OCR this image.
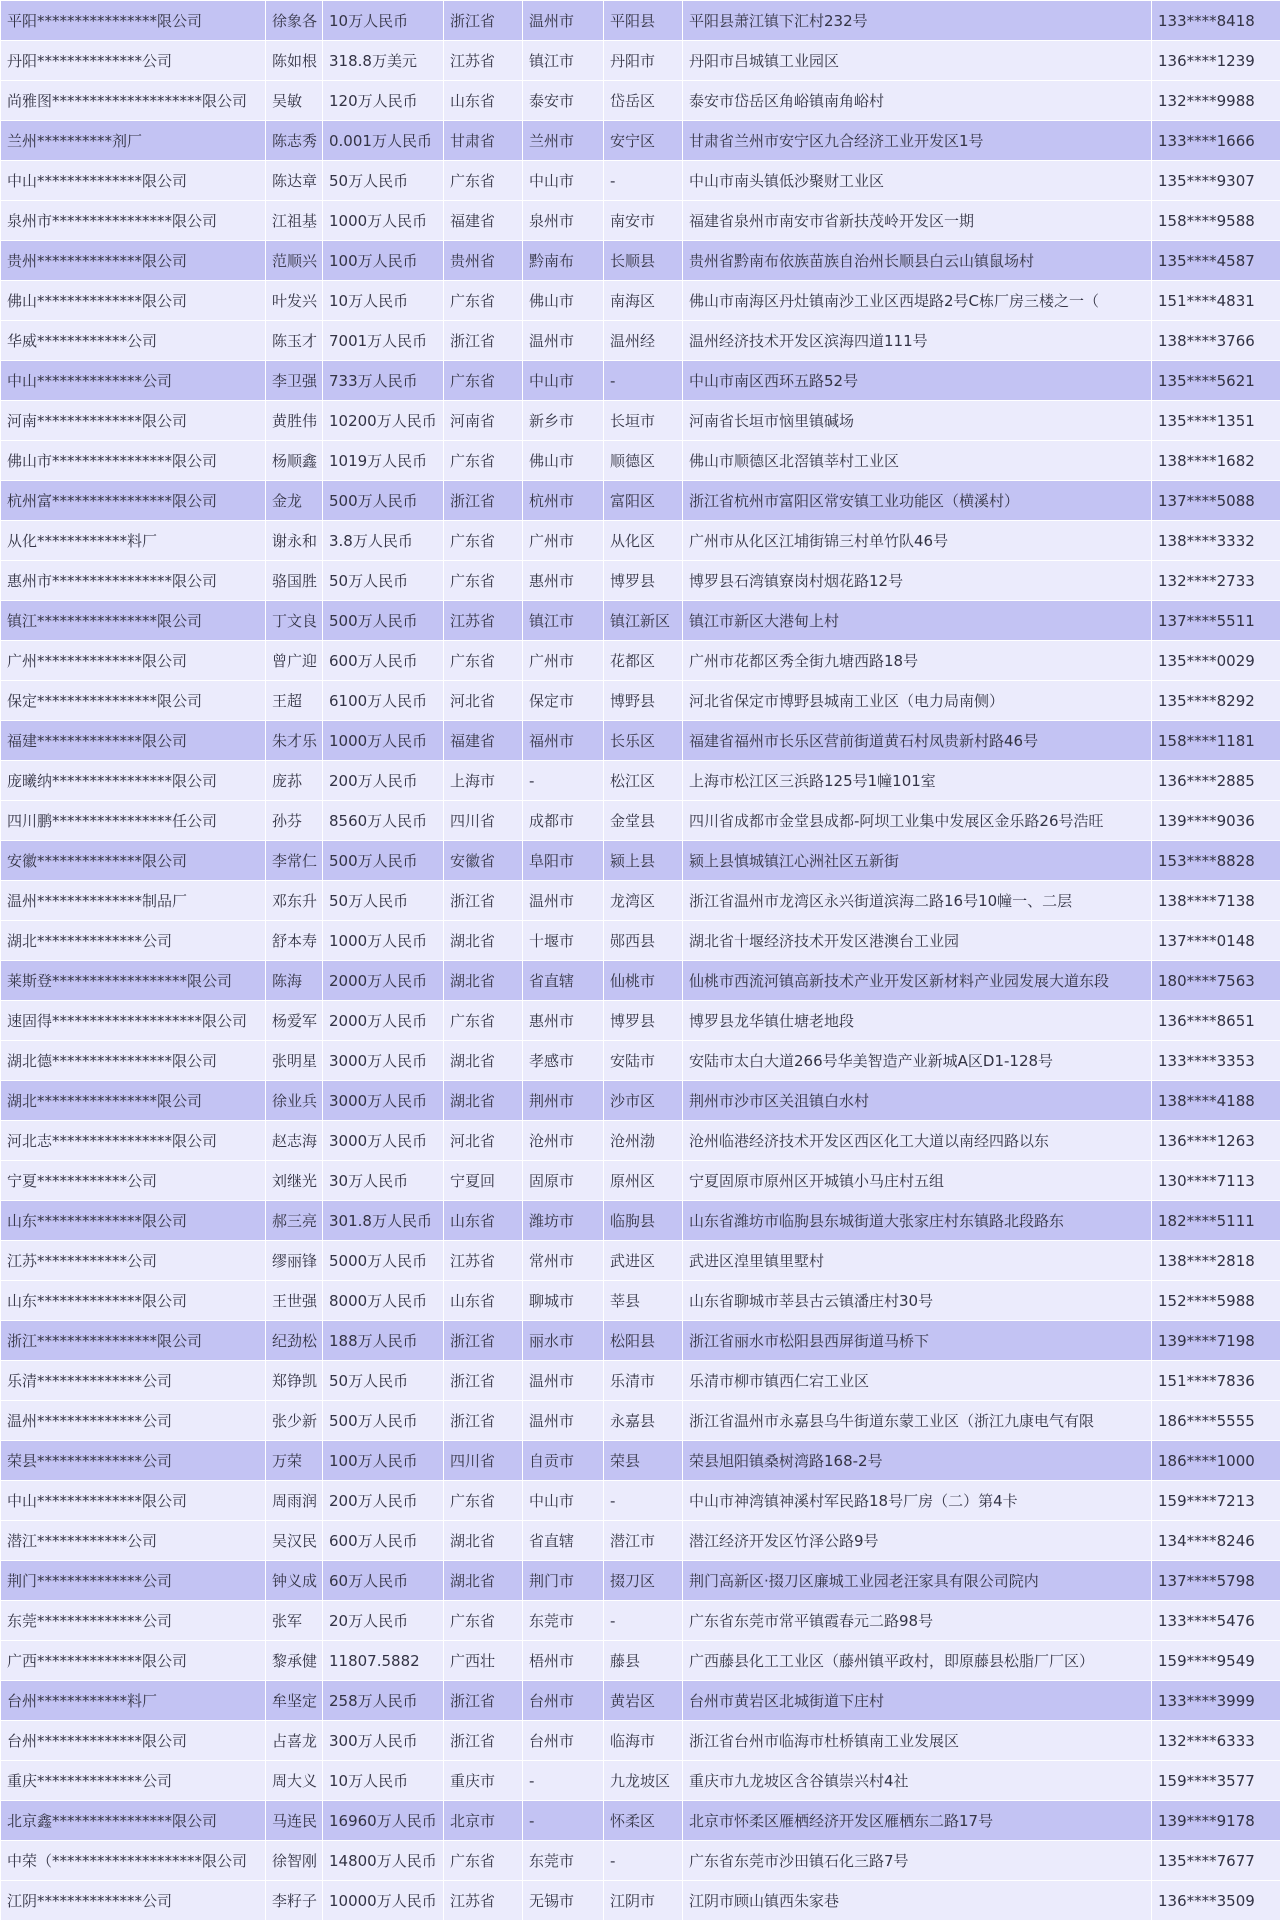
平阳****************限公司	徐象各	10万人民币	浙江省	温州市	平阳县	平阳县萧江镇下汇村232号	133****8418
丹阳**************公司	陈如根	318.8万美元	江苏省	镇江市	丹阳市	丹阳市吕城镇工业园区	136****1239
尚雅图********************限公司	吴敏	120万人民币	山东省	泰安市	岱岳区	泰安市岱岳区角峪镇南角峪村	132****9988
兰州**********剂厂	陈志秀	0.001万人民币	甘肃省	兰州市	安宁区	甘肃省兰州市安宁区九合经济工业开发区1号	133****1666
中山**************限公司	陈达章	50万人民币	广东省	中山市	-	中山市南头镇低沙聚财工业区	135****9307
泉州市****************限公司	江祖基	1000万人民币	福建省	泉州市	南安市	福建省泉州市南安市省新扶茂岭开发区一期	158****9588
贵州**************限公司	范顺兴	100万人民币	贵州省	黔南布	长顺县	贵州省黔南布依族苗族自治州长顺县白云山镇鼠场村	135****4587
佛山**************限公司	叶发兴	10万人民币	广东省	佛山市	南海区	佛山市南海区丹灶镇南沙工业区西堤路2号C栋厂房三楼之一（	151****4831
华威************公司	陈玉才	7001万人民币	浙江省	温州市	温州经	温州经济技术开发区滨海四道111号	138****3766
中山**************公司	李卫强	733万人民币	广东省	中山市	-	中山市南区西环五路52号	135****5621
河南**************限公司	黄胜伟	10200万人民币	河南省	新乡市	长垣市	河南省长垣市恼里镇碱场	135****1351
佛山市****************限公司	杨顺鑫	1019万人民币	广东省	佛山市	顺德区	佛山市顺德区北滘镇莘村工业区	138****1682
杭州富****************限公司	金龙	500万人民币	浙江省	杭州市	富阳区	浙江省杭州市富阳区常安镇工业功能区（横溪村）	137****5088
从化************料厂	谢永和	3.8万人民币	广东省	广州市	从化区	广州市从化区江埔街锦三村单竹队46号	138****3332
惠州市****************限公司	骆国胜	50万人民币	广东省	惠州市	博罗县	博罗县石湾镇寮岗村烟花路12号	132****2733
镇江****************限公司	丁文良	500万人民币	江苏省	镇江市	镇江新区	镇江市新区大港甸上村	137****5511
广州**************限公司	曾广迎	600万人民币	广东省	广州市	花都区	广州市花都区秀全街九塘西路18号	135****0029
保定****************限公司	王超	6100万人民币	河北省	保定市	博野县	河北省保定市博野县城南工业区（电力局南侧）	135****8292
福建**************限公司	朱才乐	1000万人民币	福建省	福州市	长乐区	福建省福州市长乐区营前街道黄石村凤贵新村路46号	158****1181
庞曦纳****************限公司	庞荪	200万人民币	上海市	-	松江区	上海市松江区三浜路125号1幢101室	136****2885
四川鹏****************任公司	孙芬	8560万人民币	四川省	成都市	金堂县	四川省成都市金堂县成都-阿坝工业集中发展区金乐路26号浩旺	139****9036
安徽**************限公司	李常仁	500万人民币	安徽省	阜阳市	颍上县	颍上县慎城镇江心洲社区五新街	153****8828
温州**************制品厂	邓东升	50万人民币	浙江省	温州市	龙湾区	浙江省温州市龙湾区永兴街道滨海二路16号10幢一、二层	138****7138
湖北**************公司	舒本寿	1000万人民币	湖北省	十堰市	郧西县	湖北省十堰经济技术开发区港澳台工业园	137****0148
莱斯登******************限公司	陈海	2000万人民币	湖北省	省直辖	仙桃市	仙桃市西流河镇高新技术产业开发区新材料产业园发展大道东段	180****7563
速固得********************限公司	杨爱军	2000万人民币	广东省	惠州市	博罗县	博罗县龙华镇仕塘老地段	136****8651
湖北德****************限公司	张明星	3000万人民币	湖北省	孝感市	安陆市	安陆市太白大道266号华美智造产业新城A区D1-128号	133****3353
湖北****************限公司	徐业兵	3000万人民币	湖北省	荆州市	沙市区	荆州市沙市区关沮镇白水村	138****4188
河北志****************限公司	赵志海	3000万人民币	河北省	沧州市	沧州渤	沧州临港经济技术开发区西区化工大道以南经四路以东	136****1263
宁夏************公司	刘继光	30万人民币	宁夏回	固原市	原州区	宁夏固原市原州区开城镇小马庄村五组	130****7113
山东**************限公司	郝三亮	301.8万人民币	山东省	潍坊市	临朐县	山东省潍坊市临朐县东城街道大张家庄村东镇路北段路东	182****5111
江苏************公司	缪丽锋	5000万人民币	江苏省	常州市	武进区	武进区湟里镇里墅村	138****2818
山东**************限公司	王世强	8000万人民币	山东省	聊城市	莘县	山东省聊城市莘县古云镇潘庄村30号	152****5988
浙江****************限公司	纪劲松	188万人民币	浙江省	丽水市	松阳县	浙江省丽水市松阳县西屏街道马桥下	139****7198
乐清**************公司	郑铮凯	50万人民币	浙江省	温州市	乐清市	乐清市柳市镇西仁宕工业区	151****7836
温州**************公司	张少新	500万人民币	浙江省	温州市	永嘉县	浙江省温州市永嘉县乌牛街道东蒙工业区（浙江九康电气有限	186****5555
荣县**************公司	万荣	100万人民币	四川省	自贡市	荣县	荣县旭阳镇桑树湾路168-2号	186****1000
中山**************限公司	周雨润	200万人民币	广东省	中山市	-	中山市神湾镇神溪村军民路18号厂房（二）第4卡	159****7213
潜江************公司	吴汉民	600万人民币	湖北省	省直辖	潜江市	潜江经济开发区竹泽公路9号	134****8246
荆门**************公司	钟义成	60万人民币	湖北省	荆门市	掇刀区	荆门高新区·掇刀区廉城工业园老汪家具有限公司院内	137****5798
东莞**************公司	张军	20万人民币	广东省	东莞市	-	广东省东莞市常平镇霞春元二路98号	133****5476
广西**************限公司	黎承健	11807.5882	广西壮	梧州市	藤县	广西藤县化工工业区（藤州镇平政村，即原藤县松脂厂厂区）	159****9549
台州************料厂	牟坚定	258万人民币	浙江省	台州市	黄岩区	台州市黄岩区北城街道下庄村	133****3999
台州**************限公司	占喜龙	300万人民币	浙江省	台州市	临海市	浙江省台州市临海市杜桥镇南工业发展区	132****6333
重庆**************公司	周大义	10万人民币	重庆市	-	九龙坡区	重庆市九龙坡区含谷镇崇兴村4社	159****3577
北京鑫****************限公司	马连民	16960万人民币	北京市	-	怀柔区	北京市怀柔区雁栖经济开发区雁栖东二路17号	139****9178
中荣（********************限公司	徐智刚	14800万人民币	广东省	东莞市	-	广东省东莞市沙田镇石化三路7号	135****7677
江阴**************公司	李籽子	10000万人民币	江苏省	无锡市	江阴市	江阴市顾山镇西朱家巷	136****3509
